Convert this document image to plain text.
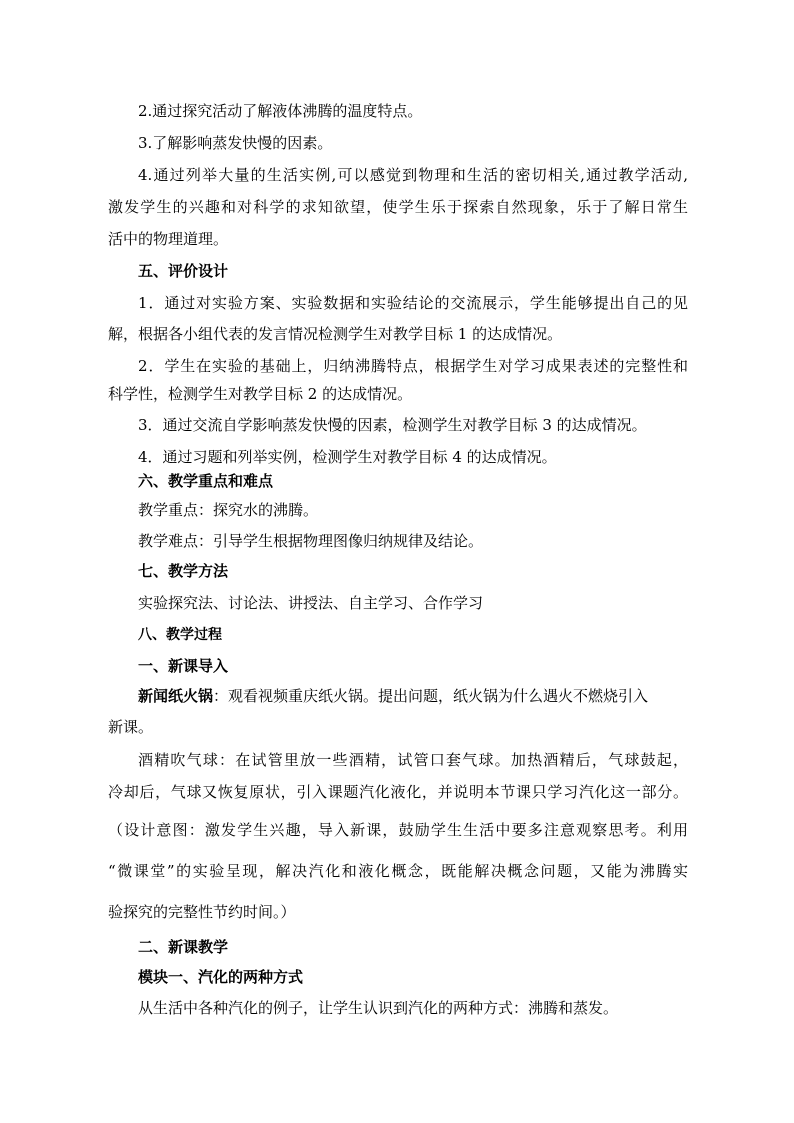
2.通过探究活动了解液体沸腾的温度特点。
3.了解影响蒸发快慢的因素。
4.通过列举大量的生活实例,可以感觉到物理和生活的密切相关,通过教学活动,
激发学生的兴趣和对科学的求知欲望，使学生乐于探索自然现象，乐于了解日常生
活中的物理道理。
五、评价设计
1．通过对实验方案、实验数据和实验结论的交流展示，学生能够提出自己的见
解，根据各小组代表的发言情况检测学生对教学目标 1 的达成情况。
2．学生在实验的基础上，归纳沸腾特点，根据学生对学习成果表述的完整性和
科学性，检测学生对教学目标 2 的达成情况。
3．通过交流自学影响蒸发快慢的因素，检测学生对教学目标 3 的达成情况。
4．通过习题和列举实例，检测学生对教学目标 4 的达成情况。
六、教学重点和难点
教学重点：探究水的沸腾。
教学难点：引导学生根据物理图像归纳规律及结论。
七、教学方法
实验探究法、讨论法、讲授法、自主学习、合作学习
八、教学过程
一、新课导入
新闻纸火锅：观看视频重庆纸火锅。提出问题，纸火锅为什么遇火不燃烧引入
新课。
酒精吹气球：在试管里放一些酒精，试管口套气球。加热酒精后，气球鼓起，
冷却后，气球又恢复原状，引入课题汽化液化，并说明本节课只学习汽化这一部分。
（设计意图：激发学生兴趣，导入新课，鼓励学生生活中要多注意观察思考。利用
“微课堂”的实验呈现，解决汽化和液化概念，既能解决概念问题，又能为沸腾实
验探究的完整性节约时间。）
二、新课教学
模块一、汽化的两种方式
从生活中各种汽化的例子，让学生认识到汽化的两种方式：沸腾和蒸发。
